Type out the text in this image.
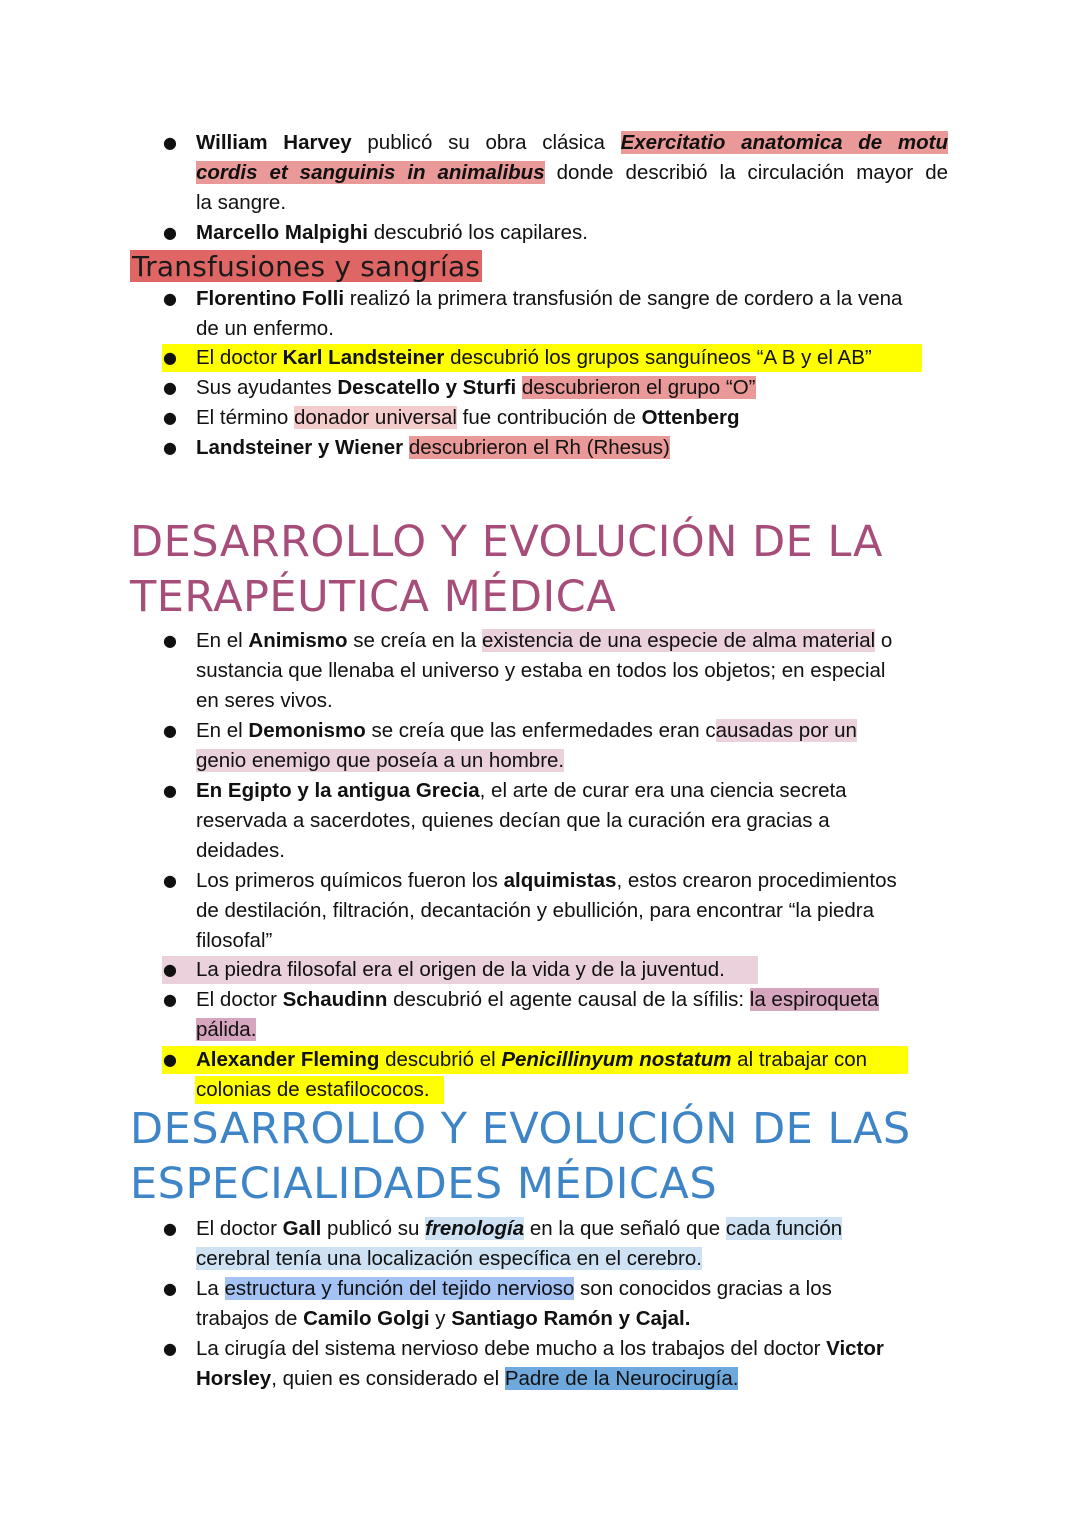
● William Harvey publicó su obra clásica Exercitatio anatomica de motu
cordis et sanguinis in animalibus donde describió la circulación mayor de
la sangre.
● Marcello Malpighi descubrió los capilares.
Transfusiones y sangrías
● Florentino Folli realizó la primera transfusión de sangre de cordero a la vena
de un enfermo.
● El doctor Karl Landsteiner descubrió los grupos sanguíneos “A B y el AB”
● Sus ayudantes Descatello y Sturfi descubrieron el grupo “O”
● El término donador universal fue contribución de Ottenberg
● Landsteiner y Wiener descubrieron el Rh (Rhesus)
DESARROLLO Y EVOLUCIÓN DE LA
TERAPÉUTICA MÉDICA
● En el Animismo se creía en la existencia de una especie de alma material o
sustancia que llenaba el universo y estaba en todos los objetos; en especial
en seres vivos.
● En el Demonismo se creía que las enfermedades eran causadas por un
genio enemigo que poseía a un hombre.
● En Egipto y la antigua Grecia, el arte de curar era una ciencia secreta
reservada a sacerdotes, quienes decían que la curación era gracias a
deidades.
● Los primeros químicos fueron los alquimistas, estos crearon procedimientos
de destilación, filtración, decantación y ebullición, para encontrar “la piedra
filosofal”
● La piedra filosofal era el origen de la vida y de la juventud.
● El doctor Schaudinn descubrió el agente causal de la sífilis: la espiroqueta
pálida.
● Alexander Fleming descubrió el Penicillinyum nostatum al trabajar con
colonias de estafilococos.
DESARROLLO Y EVOLUCIÓN DE LAS
ESPECIALIDADES MÉDICAS
● El doctor Gall publicó su frenología en la que señaló que cada función
cerebral tenía una localización específica en el cerebro.
● La estructura y función del tejido nervioso son conocidos gracias a los
trabajos de Camilo Golgi y Santiago Ramón y Cajal.
● La cirugía del sistema nervioso debe mucho a los trabajos del doctor Victor
Horsley, quien es considerado el Padre de la Neurocirugía.
